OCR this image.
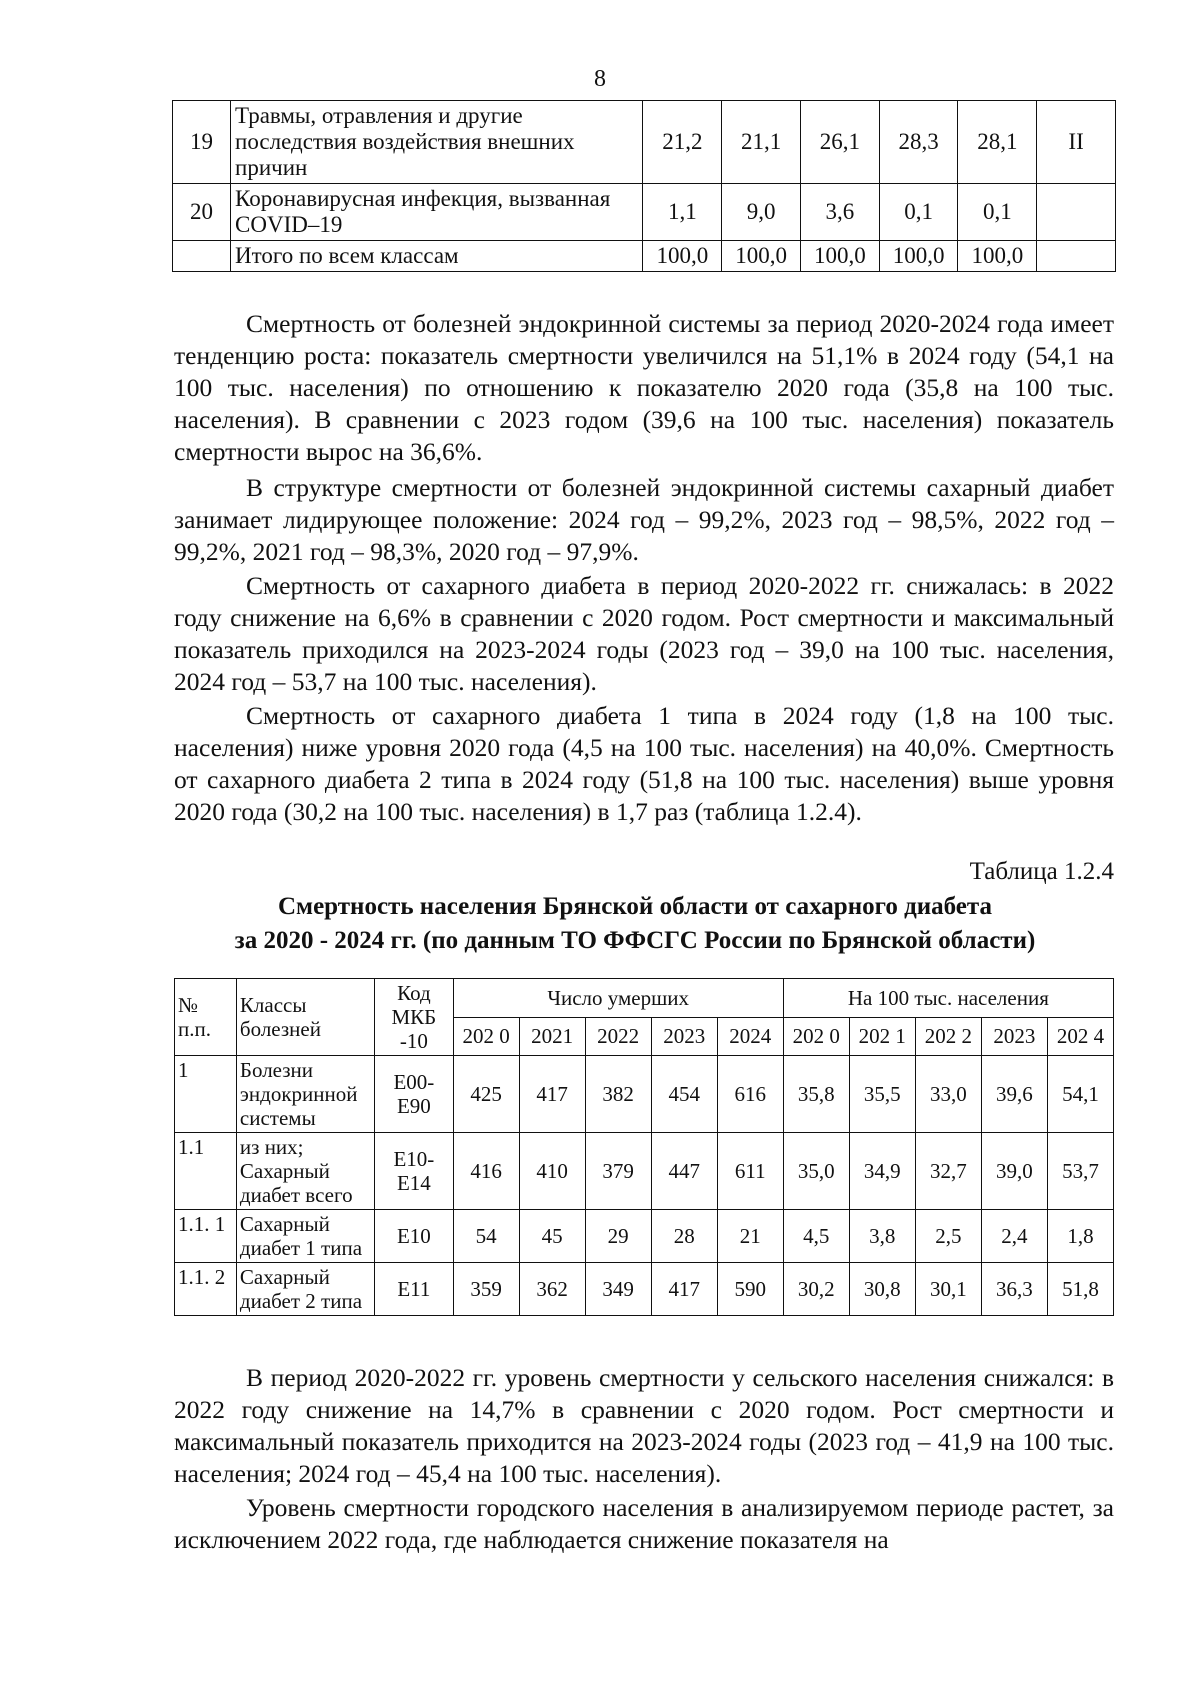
8
19	Травмы, отравления и другие последствия воздействия внешних причин	21,2	21,1	26,1	28,3	28,1	II
20	Коронавирусная инфекция, вызванная COVID–19	1,1	9,0	3,6	0,1	0,1	
	Итого по всем классам	100,0	100,0	100,0	100,0	100,0	

Смертность от болезней эндокринной системы за период 2020-2024 года имеет тенденцию роста: показатель смертности увеличился на 51,1% в 2024 году (54,1 на 100 тыс. населения) по отношению к показателю 2020 года (35,8 на 100 тыс. населения). В сравнении с 2023 годом (39,6 на 100 тыс. населения) показатель смертности вырос на 36,6%.

В структуре смертности от болезней эндокринной системы сахарный диабет занимает лидирующее положение: 2024 год – 99,2%, 2023 год – 98,5%, 2022 год – 99,2%, 2021 год – 98,3%, 2020 год – 97,9%.

Смертность от сахарного диабета в период 2020-2022 гг. снижалась: в 2022 году снижение на 6,6% в сравнении с 2020 годом. Рост смертности и максимальный показатель приходился на 2023-2024 годы (2023 год – 39,0 на 100 тыс. населения, 2024 год – 53,7 на 100 тыс. населения).

Смертность от сахарного диабета 1 типа в 2024 году (1,8 на 100 тыс. населения) ниже уровня 2020 года (4,5 на 100 тыс. населения) на 40,0%. Смертность от сахарного диабета 2 типа в 2024 году (51,8 на 100 тыс. населения) выше уровня 2020 года (30,2 на 100 тыс. населения) в 1,7 раз (таблица 1.2.4).

Таблица 1.2.4
Смертность населения Брянской области от сахарного диабета
за 2020 - 2024 гг. (по данным ТО ФФСГС России по Брянской области)
№ п.п.	Классы болезней	Код МКБ -10	Число умерших					На 100 тыс. населения				
			202 0	2021	2022	2023	2024	202 0	202 1	202 2	2023	202 4
1	Болезни эндокринной системы	E00-E90	425	417	382	454	616	35,8	35,5	33,0	39,6	54,1
1.1	из них; Сахарный диабет всего	E10-E14	416	410	379	447	611	35,0	34,9	32,7	39,0	53,7
1.1. 1	Сахарный диабет 1 типа	E10	54	45	29	28	21	4,5	3,8	2,5	2,4	1,8
1.1. 2	Сахарный диабет 2 типа	E11	359	362	349	417	590	30,2	30,8	30,1	36,3	51,8

В период 2020-2022 гг. уровень смертности у сельского населения снижался: в 2022 году снижение на 14,7% в сравнении с 2020 годом. Рост смертности и максимальный показатель приходится на 2023-2024 годы (2023 год – 41,9 на 100 тыс. населения; 2024 год – 45,4 на 100 тыс. населения).

Уровень смертности городского населения в анализируемом периоде растет, за исключением 2022 года, где наблюдается снижение показателя на
